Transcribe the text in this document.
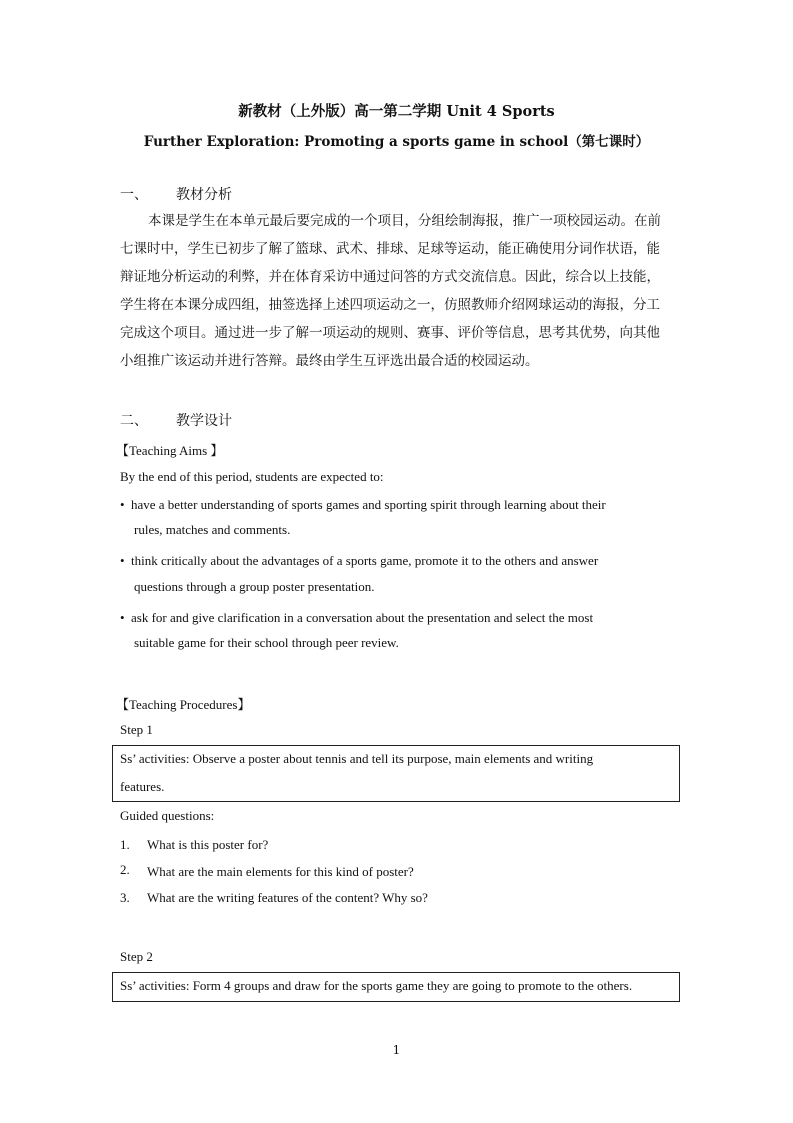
新教材（上外版）高一第二学期 Unit 4 Sports
Further Exploration: Promoting a sports game in school（第七课时）
一、 教材分析
本课是学生在本单元最后要完成的一个项目，分组绘制海报，推广一项校园运动。在前
七课时中，学生已初步了解了篮球、武术、排球、足球等运动，能正确使用分词作状语，能
辩证地分析运动的利弊，并在体育采访中通过问答的方式交流信息。因此，综合以上技能，
学生将在本课分成四组，抽签选择上述四项运动之一，仿照教师介绍网球运动的海报，分工
完成这个项目。通过进一步了解一项运动的规则、赛事、评价等信息，思考其优势，向其他
小组推广该运动并进行答辩。最终由学生互评选出最合适的校园运动。
二、 教学设计
【Teaching Aims 】
By the end of this period, students are expected to:
• have a better understanding of sports games and sporting spirit through learning about their
rules, matches and comments.
• think critically about the advantages of a sports game, promote it to the others and answer
questions through a group poster presentation.
• ask for and give clarification in a conversation about the presentation and select the most
suitable game for their school through peer review.
【Teaching Procedures】
Step 1
Ss’ activities: Observe a poster about tennis and tell its purpose, main elements and writing
features.
Guided questions:
1. What is this poster for?
2. What are the main elements for this kind of poster?
3. What are the writing features of the content? Why so?
Step 2
Ss’ activities: Form 4 groups and draw for the sports game they are going to promote to the others.
1
